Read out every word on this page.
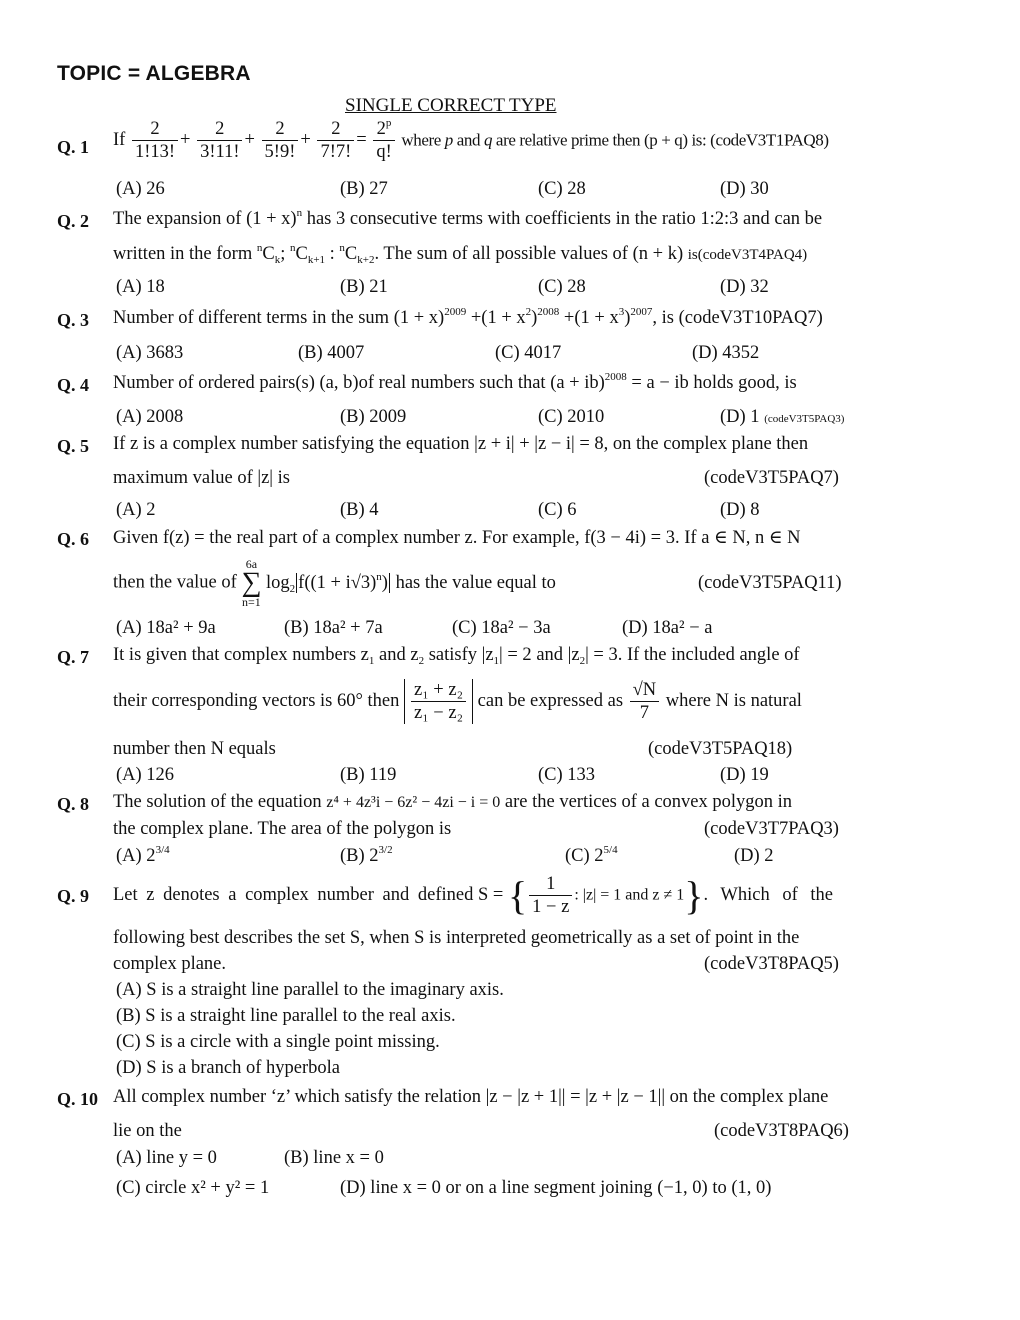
TOPIC = ALGEBRA
SINGLE CORRECT TYPE
Q. 1 If $\frac{2}{1!13!} + \frac{2}{3!11!} + \frac{2}{5!9!} + \frac{2}{7!7!} = \frac{2^p}{q!}$ where p and q are relative prime then (p + q) is: (codeV3T1PAQ8)
(A) 26	(B) 27	(C) 28	(D) 30
Q. 2 The expansion of $(1 + x)^n$ has 3 consecutive terms with coefficients in the ratio 1:2:3 and can be
written in the form $^nC_k$; $^nC_{k+1}$ : $^nC_{k+2}$. The sum of all possible values of (n + k) is(codeV3T4PAQ4)
(A) 18	(B) 21	(C) 28	(D) 32
Q. 3 Number of different terms in the sum $(1 + x)^{2009} +(1 + x^2)^{2008} +(1 + x^3)^{2007}$, is (codeV3T10PAQ7)
(A) 3683	(B) 4007	(C) 4017	(D) 4352
Q. 4 Number of ordered pairs(s) (a, b)of real numbers such that (a + ib)$^{2008}$ = a − ib holds good, is
(A) 2008	(B) 2009	(C) 2010	(D) 1 (codeV3T5PAQ3)
Q. 5 If z is a complex number satisfying the equation |z + i| + |z − i| = 8, on the complex plane then
maximum value of |z| is	(codeV3T5PAQ7)
(A) 2	(B) 4	(C) 6	(D) 8
Q. 6 Given f(z) = the real part of a complex number z. For example, f(3 − 4i) = 3. If a ∈ N, n ∈ N
then the value of 6a
∑
n=1 $\log_2 f((1 + i√3)^n)$ has the value equal to	(codeV3T5PAQ11)
(A) 18a² + 9a	(B) 18a² + 7a	(C) 18a² − 3a	(D) 18a² − a
Q. 7 It is given that complex numbers $z_1$ and $z_2$ satisfy $|z_1| = 2$ and $|z_2| = 3$. If the included angle of
their corresponding vectors is 60° then $\frac{\text{z₁ + z₂}}{\text{z₁ − z₂}}$ can be expressed as $\frac{√N}{7}$ where N is natural
number then N equals	(codeV3T5PAQ18)
(A) 126	(B) 119	(C) 133	(D) 19
Q. 8 The solution of the equation z⁴ + 4z³i − 6z² − 4zi − i = 0 are the vertices of a convex polygon in
the complex plane. The area of the polygon is	(codeV3T7PAQ3)
(A) $2^{3/4}$	(B) $2^{3/2}$	(C) $2^{5/4}$	(D) 2
Q. 9 Let z denotes a complex number and defined S = { $\frac{1}{1 - z}$ : |z| = 1 and z ≠ 1}. Which of the
following best describes the set S, when S is interpreted geometrically as a set of point in the
complex plane.	(codeV3T8PAQ5)
(A) S is a straight line parallel to the imaginary axis.
(B) S is a straight line parallel to the real axis.
(C) S is a circle with a single point missing.
(D) S is a branch of hyperbola
Q. 10 All complex number ‘z’ which satisfy the relation |z − |z + 1|| = |z + |z − 1|| on the complex plane
lie on the	(codeV3T8PAQ6)
(A) line y = 0	(B) line x = 0
(C) circle x² + y² = 1	(D) line x = 0 or on a line segment joining (−1, 0) to (1, 0)
